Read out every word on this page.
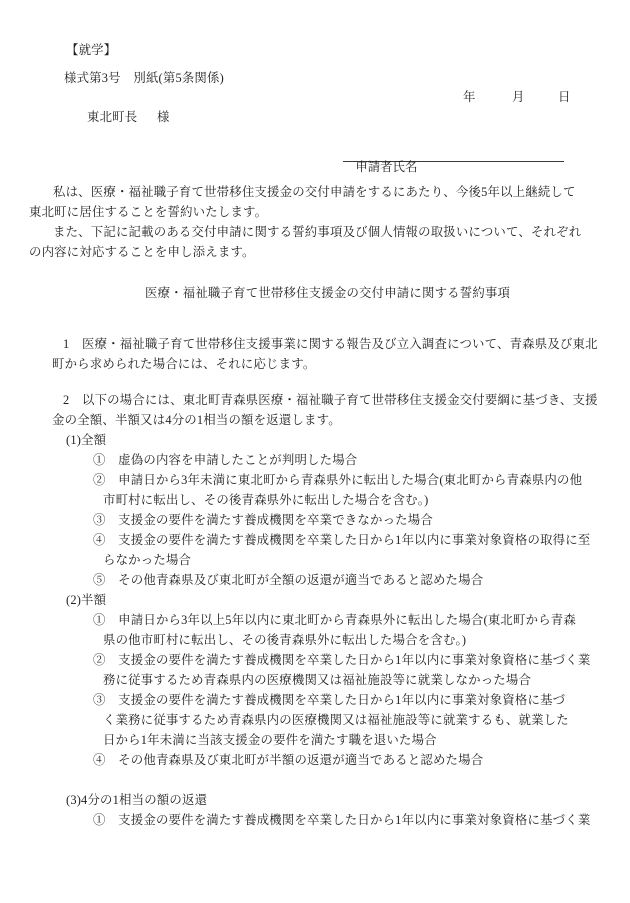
【就学】
様式第3号　別紙(第5条関係)
年	月	日
東北町長 様

申請者氏名

私は、医療・福祉職子育て世帯移住支援金の交付申請をするにあたり、今後5年以上継続して
東北町に居住することを誓約いたします。
また、下記に記載のある交付申請に関する誓約事項及び個人情報の取扱いについて、それぞれ
の内容に対応することを申し添えます。
医療・福祉職子育て世帯移住支援金の交付申請に関する誓約事項
1　医療・福祉職子育て世帯移住支援事業に関する報告及び立入調査について、青森県及び東北
町から求められた場合には、それに応じます。
2　以下の場合には、東北町青森県医療・福祉職子育て世帯移住支援金交付要綱に基づき、支援
金の全額、半額又は4分の1相当の額を返還します。
(1)全額
①　虚偽の内容を申請したことが判明した場合
②　申請日から3年未満に東北町から青森県外に転出した場合(東北町から青森県内の他
市町村に転出し、その後青森県外に転出した場合を含む。)
③　支援金の要件を満たす養成機関を卒業できなかった場合
④　支援金の要件を満たす養成機関を卒業した日から1年以内に事業対象資格の取得に至
らなかった場合
⑤　その他青森県及び東北町が全額の返還が適当であると認めた場合
(2)半額
①　申請日から3年以上5年以内に東北町から青森県外に転出した場合(東北町から青森
県の他市町村に転出し、その後青森県外に転出した場合を含む。)
②　支援金の要件を満たす養成機関を卒業した日から1年以内に事業対象資格に基づく業
務に従事するため青森県内の医療機関又は福祉施設等に就業しなかった場合
③　支援金の要件を満たす養成機関を卒業した日から1年以内に事業対象資格に基づ
く業務に従事するため青森県内の医療機関又は福祉施設等に就業するも、就業した
日から1年未満に当該支援金の要件を満たす職を退いた場合
④　その他青森県及び東北町が半額の返還が適当であると認めた場合
(3)4分の1相当の額の返還
①　支援金の要件を満たす養成機関を卒業した日から1年以内に事業対象資格に基づく業
